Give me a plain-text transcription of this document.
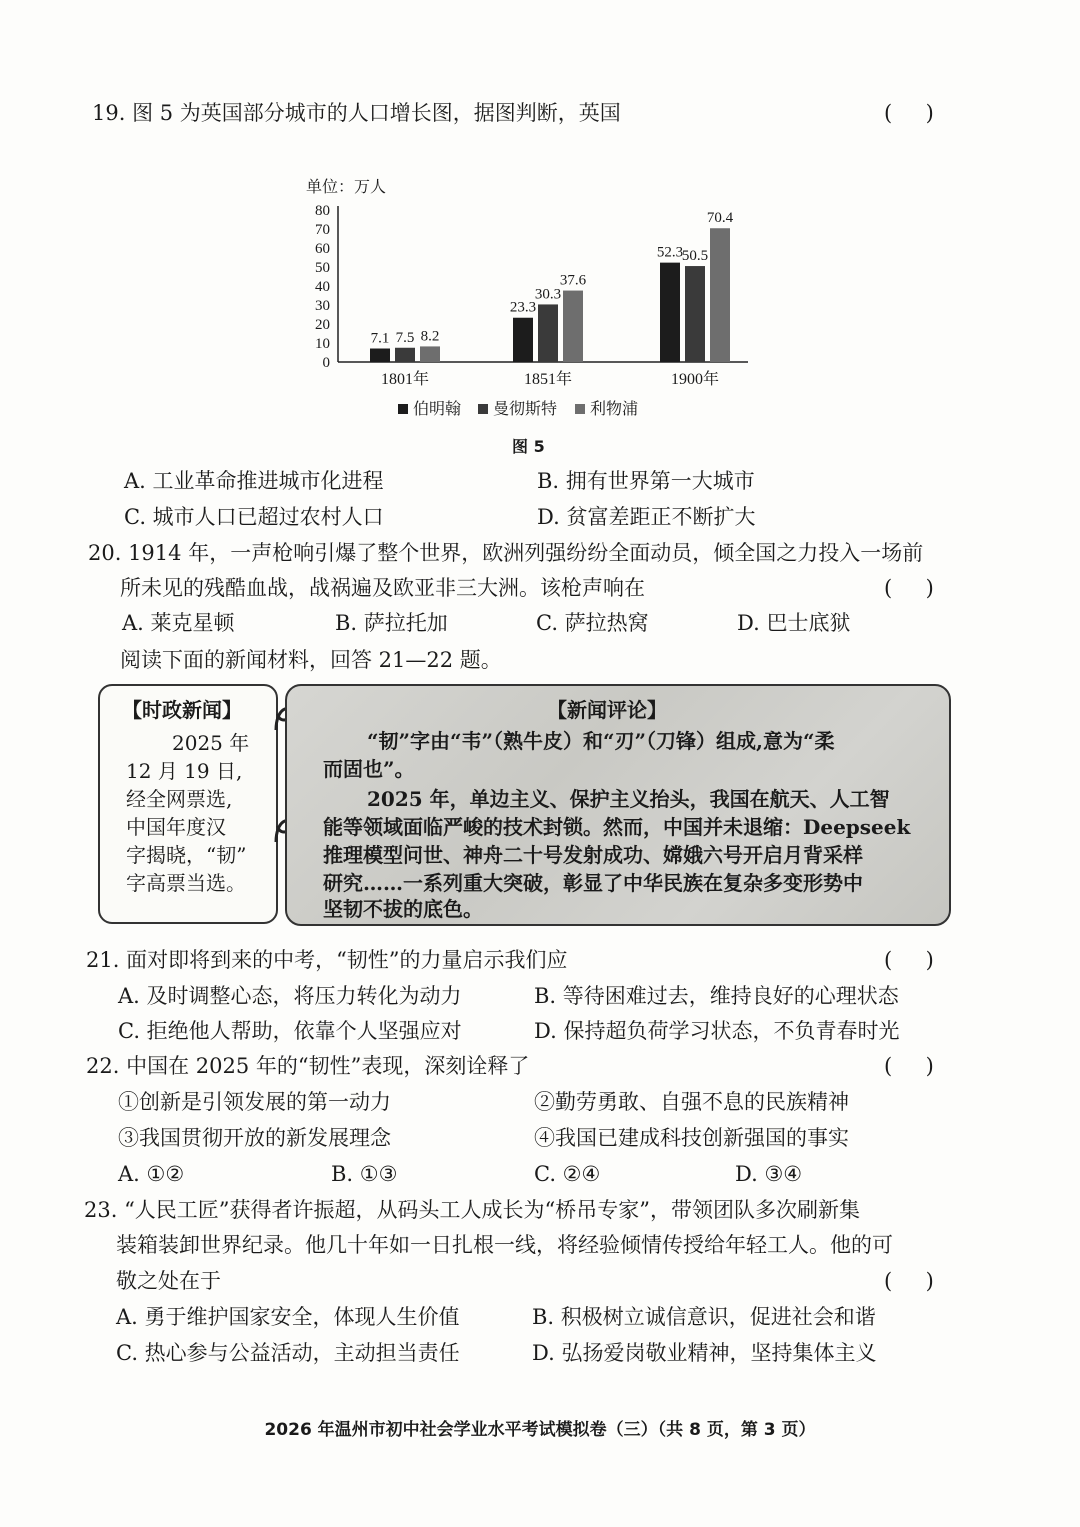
19. 图 5 为英国部分城市的人口增长图，据图判断，英国	(     )
单位：万人
0
10
20
30
40
50
60
70
80
7.1 7.5 8.2
23.3
30.3
37.6
52.3
50.5
70.4
1801年	1851年	1900年
伯明翰 曼彻斯特 利物浦
图 5
A. 工业革命推进城市化进程	B. 拥有世界第一大城市
C. 城市人口已超过农村人口	D. 贫富差距正不断扩大
20. 1914 年，一声枪响引爆了整个世界，欧洲列强纷纷全面动员，倾全国之力投入一场前
所未见的残酷血战，战祸遍及欧亚非三大洲。该枪声响在	(     )
A. 莱克星顿	B. 萨拉托加	C. 萨拉热窝	D. 巴士底狱
阅读下面的新闻材料，回答 21—22 题。
【时政新闻】
2025 年
12 月 19 日,
经全网票选,
中国年度汉
字揭晓，“韧”
字高票当选。
【新闻评论】
“韧”字由“韦”（熟牛皮）和“刃”（刀锋）组成,意为“柔
而固也”。
2025 年，单边主义、保护主义抬头，我国在航天、人工智
能等领域面临严峻的技术封锁。然而，中国并未退缩：Deepseek
推理模型问世、神舟二十号发射成功、嫦娥六号开启月背采样
研究……一系列重大突破，彰显了中华民族在复杂多变形势中
坚韧不拔的底色。
21. 面对即将到来的中考，“韧性”的力量启示我们应	(     )
A. 及时调整心态，将压力转化为动力	B. 等待困难过去，维持良好的心理状态
C. 拒绝他人帮助，依靠个人坚强应对	D. 保持超负荷学习状态，不负青春时光
22. 中国在 2025 年的“韧性”表现，深刻诠释了	(     )
①创新是引领发展的第一动力	②勤劳勇敢、自强不息的民族精神
③我国贯彻开放的新发展理念	④我国已建成科技创新强国的事实
A. ①②	B. ①③	C. ②④	D. ③④
23. “人民工匠”获得者许振超，从码头工人成长为“桥吊专家”，带领团队多次刷新集
装箱装卸世界纪录。他几十年如一日扎根一线，将经验倾情传授给年轻工人。他的可
敬之处在于	(     )
A. 勇于维护国家安全，体现人生价值	B. 积极树立诚信意识，促进社会和谐
C. 热心参与公益活动，主动担当责任	D. 弘扬爱岗敬业精神，坚持集体主义
2026 年温州市初中社会学业水平考试模拟卷（三）（共 8 页，第 3 页）
